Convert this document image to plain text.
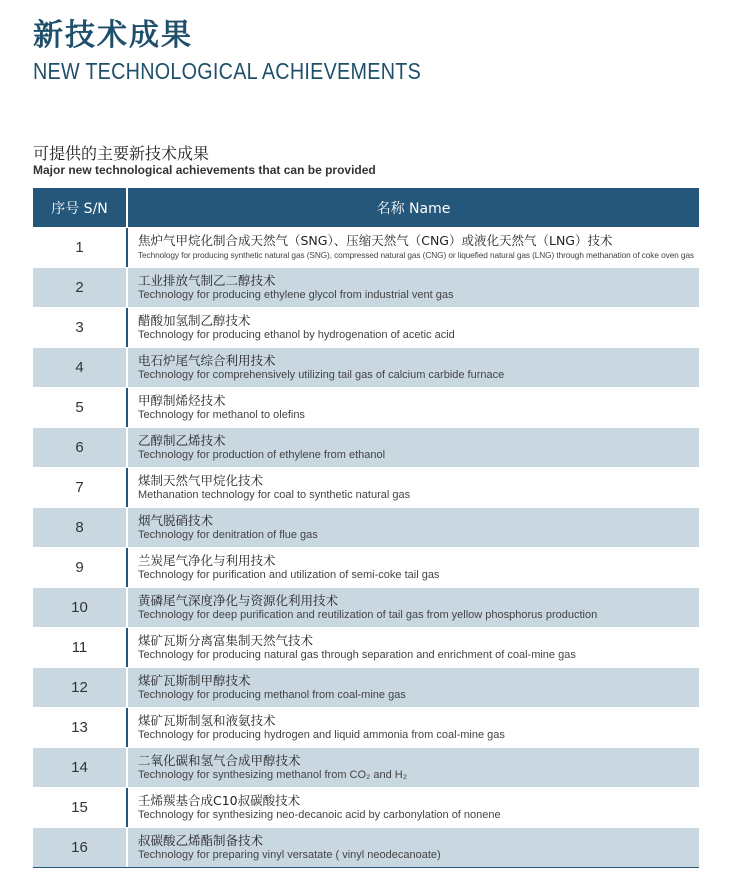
新技术成果
NEW TECHNOLOGICAL ACHIEVEMENTS
可提供的主要新技术成果
Major new technological achievements that can be provided
序号 S/N	名称 Name
1	焦炉气甲烷化制合成天然气（SNG）、压缩天然气（CNG）或液化天然气（LNG）技术
Technology for producing synthetic natural gas (SNG), compressed natural gas (CNG) or liquefied natural gas (LNG) through methanation of coke oven gas
2	工业排放气制乙二醇技术
Technology for producing ethylene glycol from industrial vent gas
3	醋酸加氢制乙醇技术
Technology for producing ethanol by hydrogenation of acetic acid
4	电石炉尾气综合利用技术
Technology for comprehensively utilizing tail gas of calcium carbide furnace
5	甲醇制烯烃技术
Technology for methanol to olefins
6	乙醇制乙烯技术
Technology for production of ethylene from ethanol
7	煤制天然气甲烷化技术
Methanation technology for coal to synthetic natural gas
8	烟气脱硝技术
Technology for denitration of flue gas
9	兰炭尾气净化与利用技术
Technology for purification and utilization of semi-coke tail gas
10	黄磷尾气深度净化与资源化利用技术
Technology for deep purification and reutilization of tail gas from yellow phosphorus production
11	煤矿瓦斯分离富集制天然气技术
Technology for producing natural gas through separation and enrichment of coal-mine gas
12	煤矿瓦斯制甲醇技术
Technology for producing methanol from coal-mine gas
13	煤矿瓦斯制氢和液氨技术
Technology for producing hydrogen and liquid ammonia from coal-mine gas
14	二氧化碳和氢气合成甲醇技术
Technology for synthesizing methanol from CO₂ and H₂
15	壬烯羰基合成C10叔碳酸技术
Technology for synthesizing neo-decanoic acid by carbonylation of nonene
16	叔碳酸乙烯酯制备技术
Technology for preparing vinyl versatate ( vinyl neodecanoate)
